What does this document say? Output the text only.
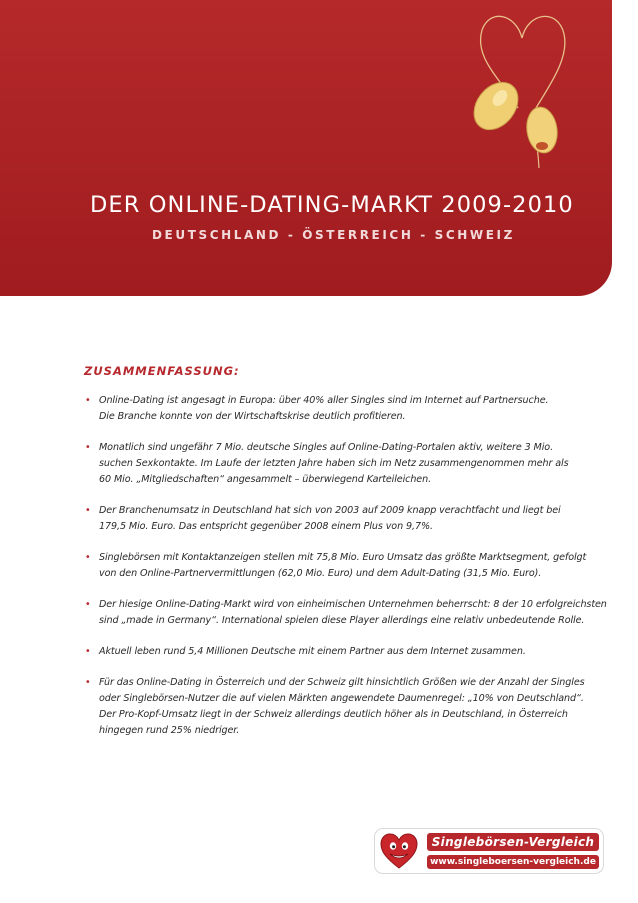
DER ONLINE-DATING-MARKT 2009-2010
DEUTSCHLAND - ÖSTERREICH - SCHWEIZ
ZUSAMMENFASSUNG:
• Online-Dating ist angesagt in Europa: über 40% aller Singles sind im Internet auf Partnersuche.
Die Branche konnte von der Wirtschaftskrise deutlich profitieren.
• Monatlich sind ungefähr 7 Mio. deutsche Singles auf Online-Dating-Portalen aktiv, weitere 3 Mio.
suchen Sexkontakte. Im Laufe der letzten Jahre haben sich im Netz zusammengenommen mehr als
60 Mio. „Mitgliedschaften“ angesammelt – überwiegend Karteileichen.
• Der Branchenumsatz in Deutschland hat sich von 2003 auf 2009 knapp verachtfacht und liegt bei
179,5 Mio. Euro. Das entspricht gegenüber 2008 einem Plus von 9,7%.
• Singlebörsen mit Kontaktanzeigen stellen mit 75,8 Mio. Euro Umsatz das größte Marktsegment, gefolgt
von den Online-Partnervermittlungen (62,0 Mio. Euro) und dem Adult-Dating (31,5 Mio. Euro).
• Der hiesige Online-Dating-Markt wird von einheimischen Unternehmen beherrscht: 8 der 10 erfolgreichsten
sind „made in Germany“. International spielen diese Player allerdings eine relativ unbedeutende Rolle.
• Aktuell leben rund 5,4 Millionen Deutsche mit einem Partner aus dem Internet zusammen.
• Für das Online-Dating in Österreich und der Schweiz gilt hinsichtlich Größen wie der Anzahl der Singles
oder Singlebörsen-Nutzer die auf vielen Märkten angewendete Daumenregel: „10% von Deutschland“.
Der Pro-Kopf-Umsatz liegt in der Schweiz allerdings deutlich höher als in Deutschland, in Österreich
hingegen rund 25% niedriger.
Singlebörsen-Vergleich
www.singleboersen-vergleich.de
